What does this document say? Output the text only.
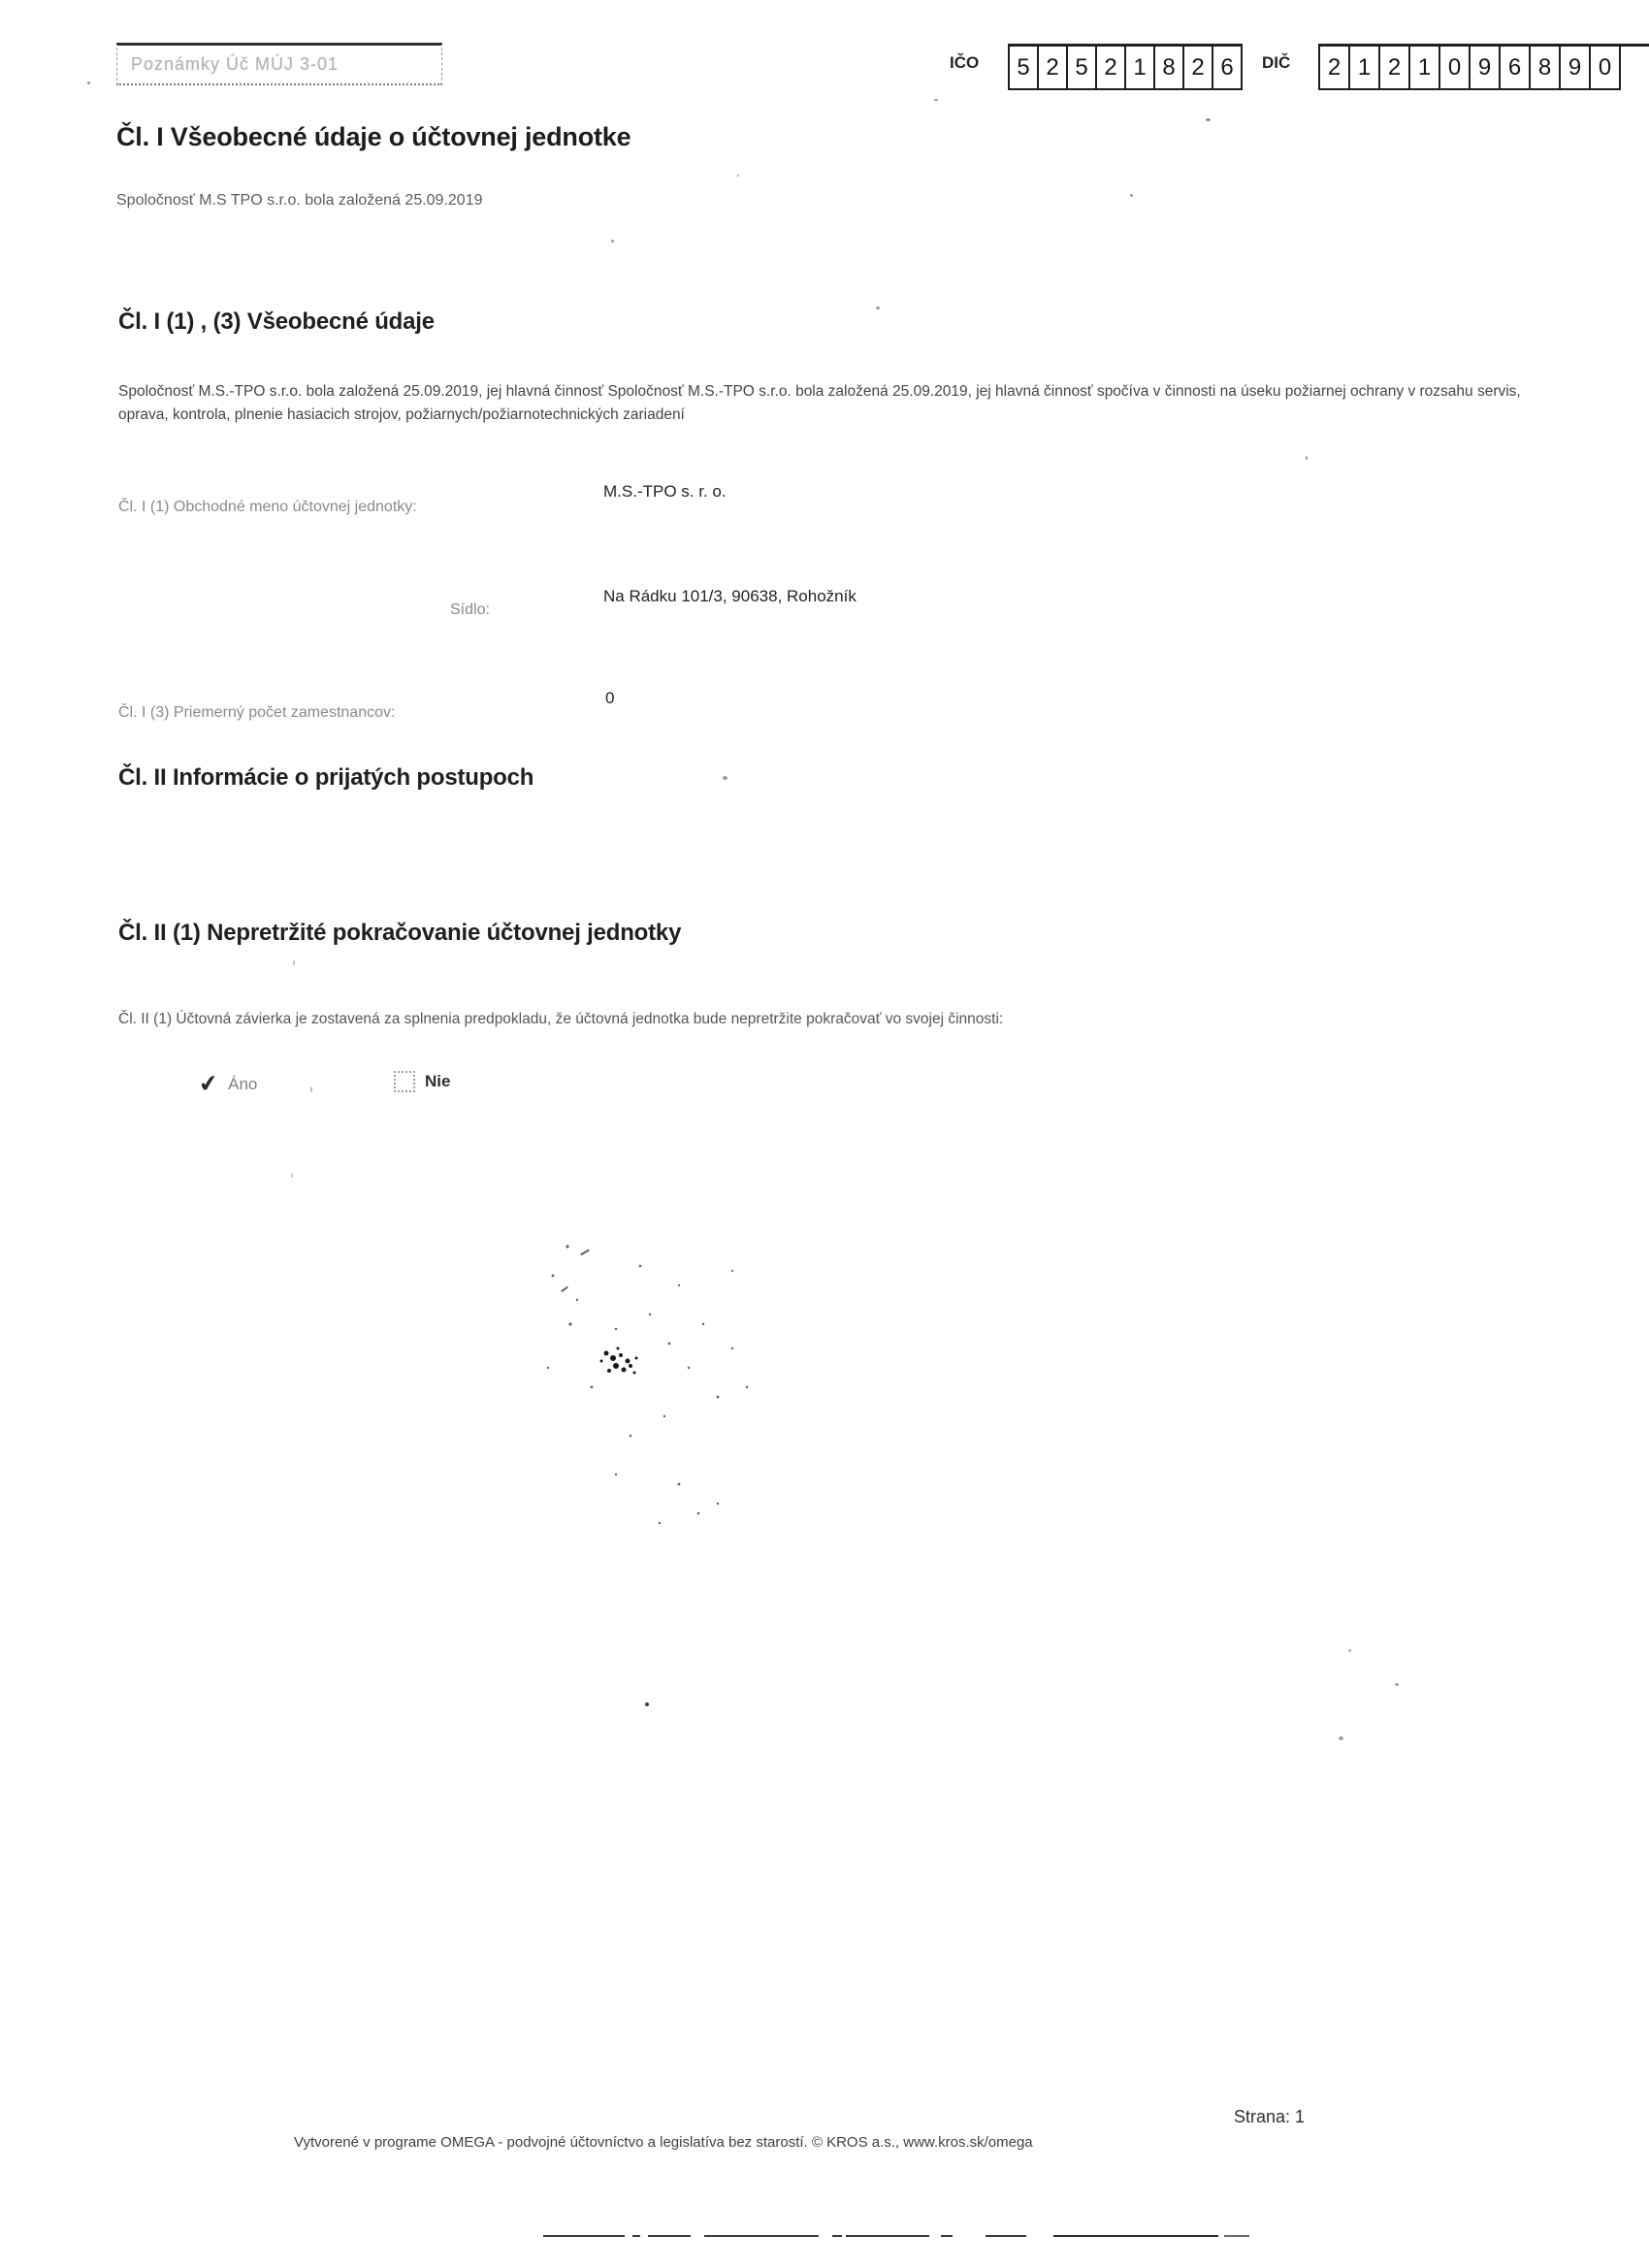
Poznámky Úč MÚJ 3-01	IČO	5 2 5 2 1 8 2 6	DIČ	2 1 2 1 0 9 6 8 9 0
Čl. I Všeobecné údaje o účtovnej jednotke
Spoločnosť M.S TPO s.r.o. bola založená 25.09.2019
Čl. I (1) , (3) Všeobecné údaje
Spoločnosť M.S.-TPO s.r.o. bola založená 25.09.2019, jej hlavná činnosť Spoločnosť M.S.-TPO s.r.o. bola založená 25.09.2019, jej hlavná činnosť spočíva v činnosti na úseku požiarnej ochrany v rozsahu servis, oprava, kontrola, plnenie hasiacich strojov, požiarnych/požiarnotechnických zariadení
Čl. I (1) Obchodné meno účtovnej jednotky:
M.S.-TPO s. r. o.
Sídlo:
Na Rádku 101/3, 90638, Rohožník
Čl. I (3) Priemerný počet zamestnancov:
0
Čl. II Informácie o prijatých postupoch
Čl. II (1) Nepretržité pokračovanie účtovnej jednotky
Čl. II (1) Účtovná závierka je zostavená za splnenia predpokladu, že účtovná jednotka bude nepretržite pokračovať vo svojej činnosti:
✔ Áno	Nie
Strana: 1
Vytvorené v programe OMEGA - podvojné účtovníctvo a legislatíva bez starostí. © KROS a.s., www.kros.sk/omega
